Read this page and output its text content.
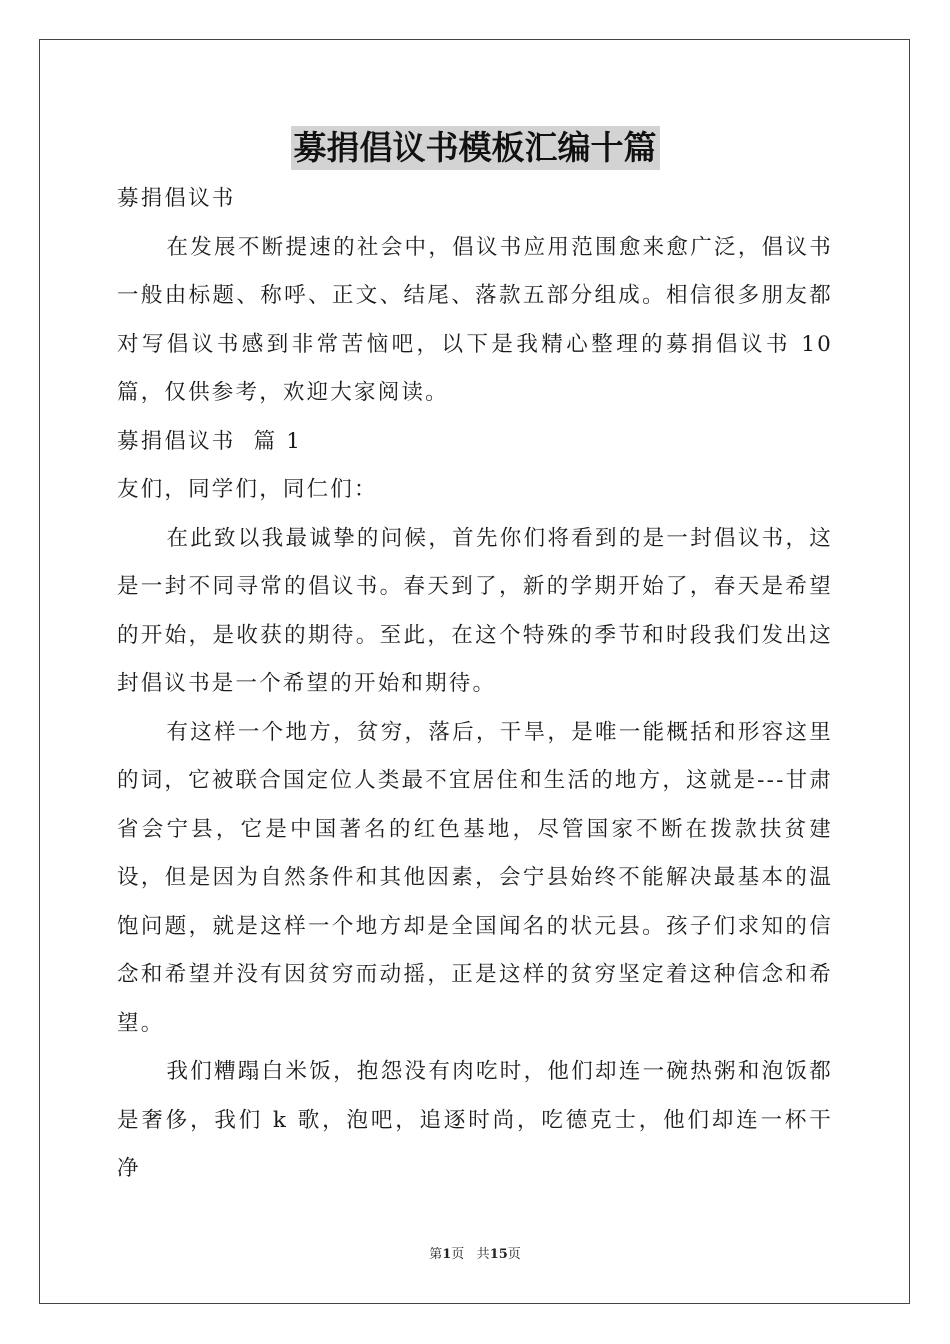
募捐倡议书模板汇编十篇

募捐倡议书

在发展不断提速的社会中，倡议书应用范围愈来愈广泛，倡议书一般由标题、称呼、正文、结尾、落款五部分组成。相信很多朋友都对写倡议书感到非常苦恼吧，以下是我精心整理的募捐倡议书 10 篇，仅供参考，欢迎大家阅读。

募捐倡议书  篇 1

友们，同学们，同仁们：

在此致以我最诚挚的问候，首先你们将看到的是一封倡议书，这是一封不同寻常的倡议书。春天到了，新的学期开始了，春天是希望的开始，是收获的期待。至此，在这个特殊的季节和时段我们发出这封倡议书是一个希望的开始和期待。

有这样一个地方，贫穷，落后，干旱，是唯一能概括和形容这里的词，它被联合国定位人类最不宜居住和生活的地方，这就是---甘肃省会宁县，它是中国著名的红色基地，尽管国家不断在拨款扶贫建设，但是因为自然条件和其他因素，会宁县始终不能解决最基本的温饱问题，就是这样一个地方却是全国闻名的状元县。孩子们求知的信念和希望并没有因贫穷而动摇，正是这样的贫穷坚定着这种信念和希望。

我们糟蹋白米饭，抱怨没有肉吃时，他们却连一碗热粥和泡饭都是奢侈，我们 k 歌，泡吧，追逐时尚，吃德克士，他们却连一杯干净

第1页 共15页
